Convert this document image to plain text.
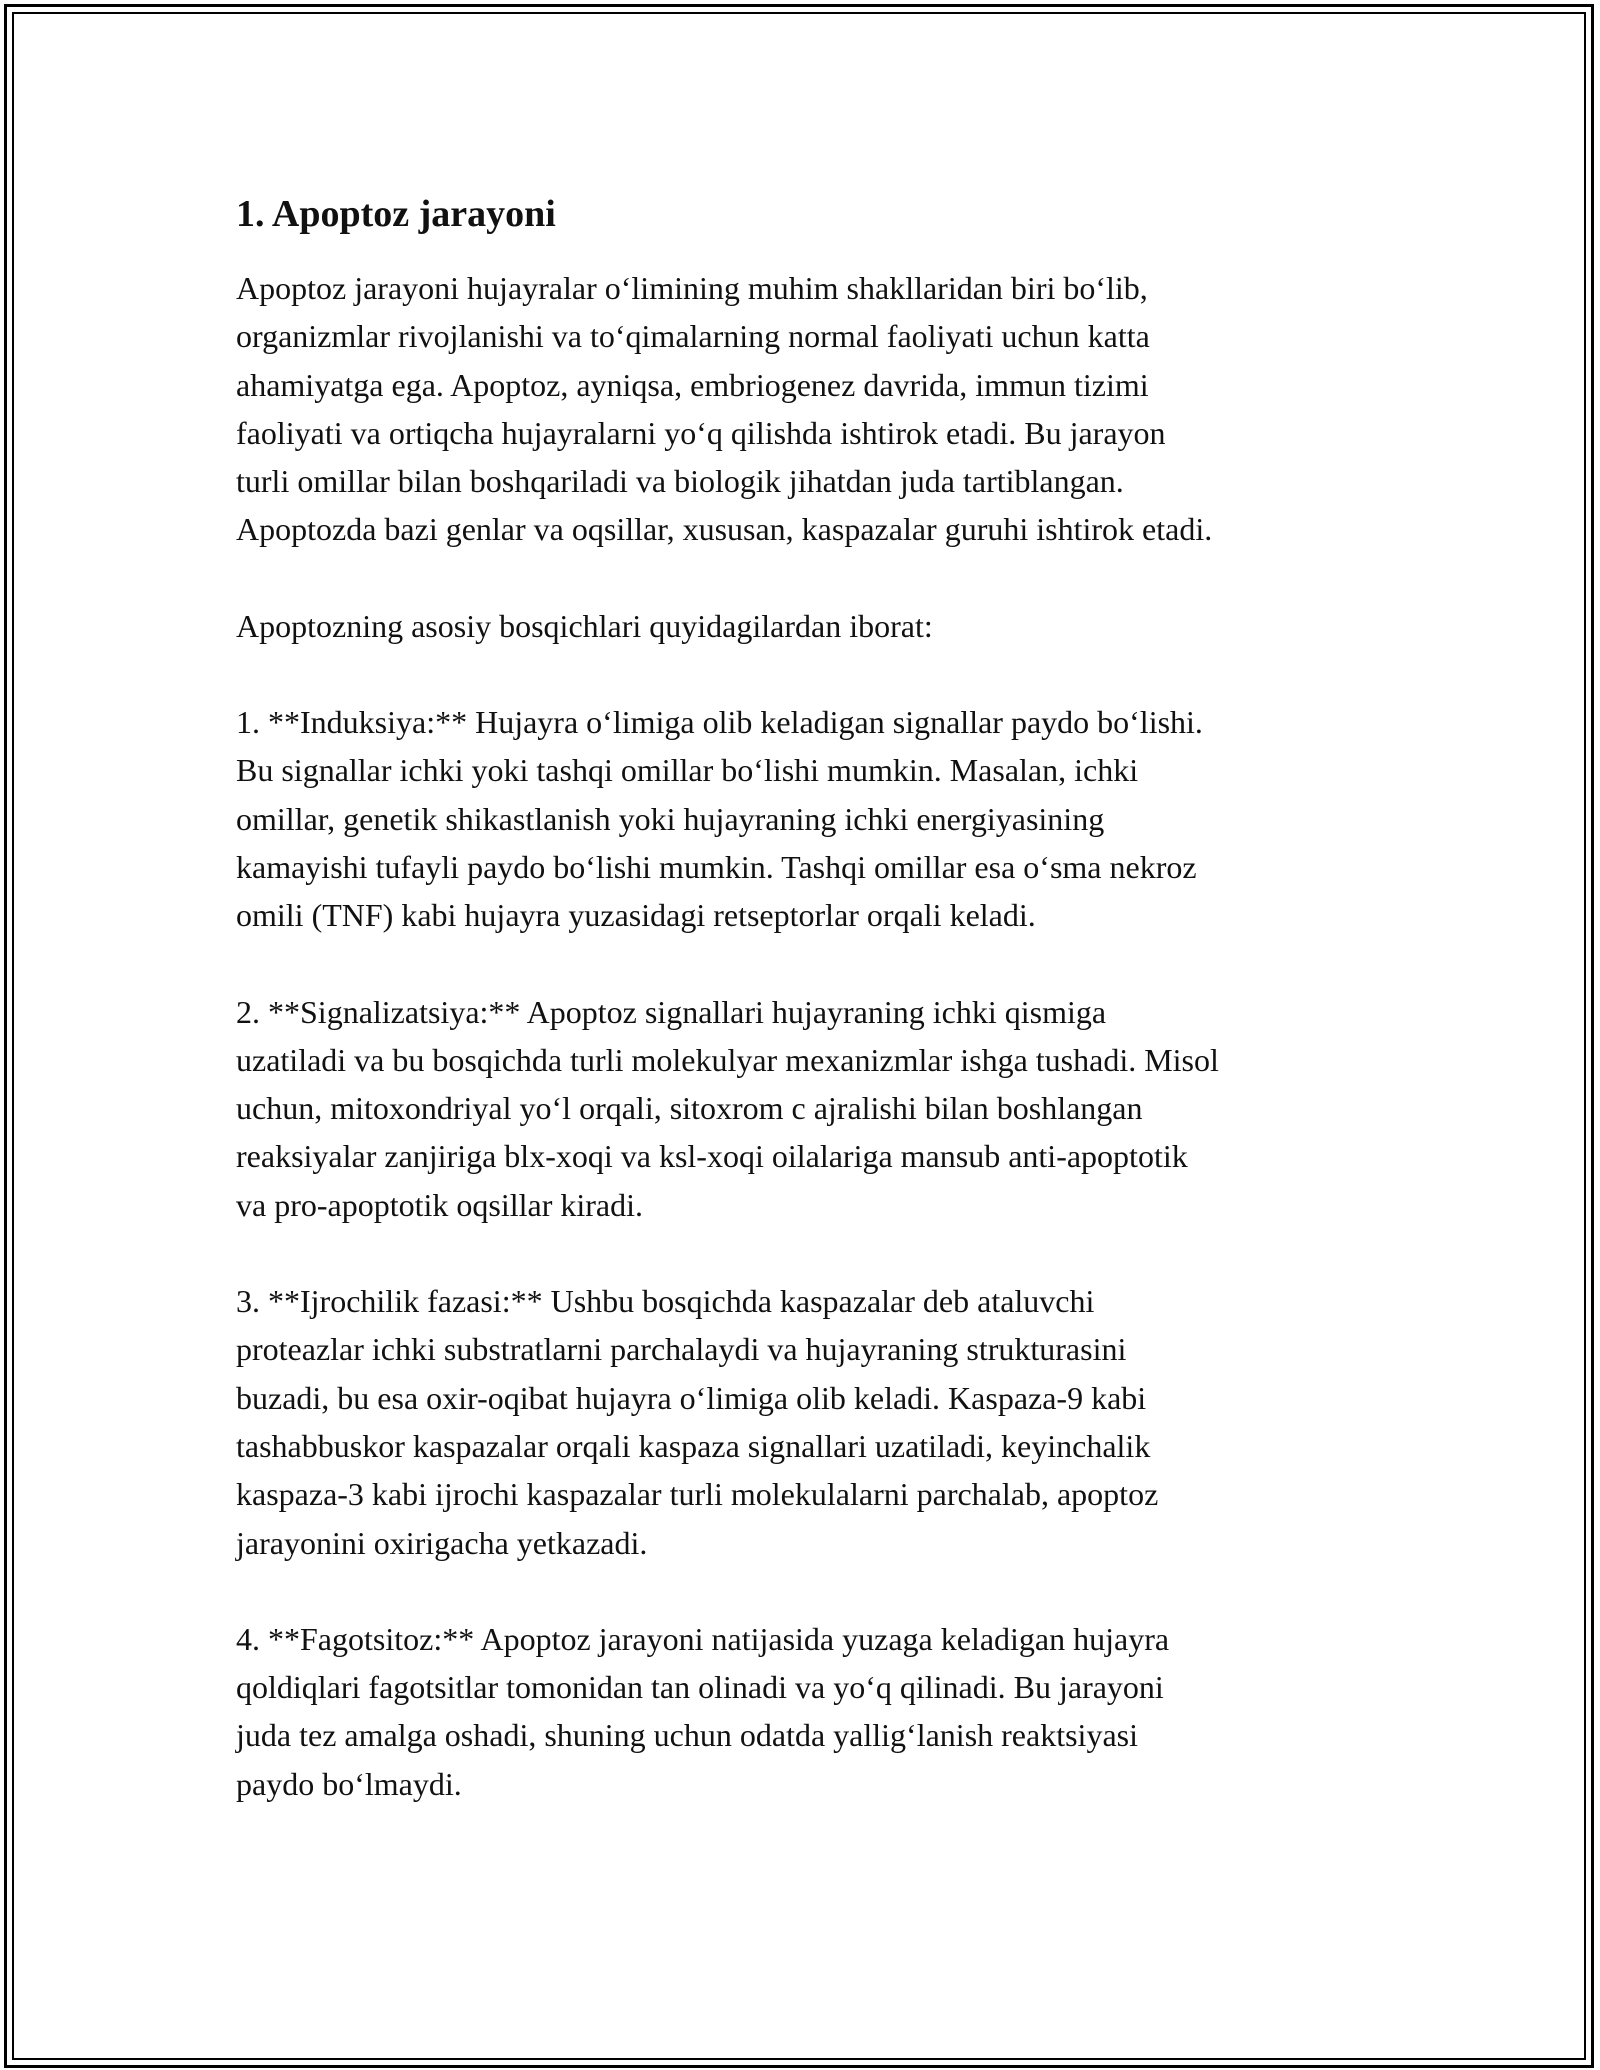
1. Apoptoz jarayoni

Apoptoz jarayoni hujayralar o‘limining muhim shakllaridan biri bo‘lib,
organizmlar rivojlanishi va to‘qimalarning normal faoliyati uchun katta
ahamiyatga ega. Apoptoz, ayniqsa, embriogenez davrida, immun tizimi
faoliyati va ortiqcha hujayralarni yo‘q qilishda ishtirok etadi. Bu jarayon
turli omillar bilan boshqariladi va biologik jihatdan juda tartiblangan.
Apoptozda bazi genlar va oqsillar, xususan, kaspazalar guruhi ishtirok etadi.

Apoptozning asosiy bosqichlari quyidagilardan iborat:

1. **Induksiya:** Hujayra o‘limiga olib keladigan signallar paydo bo‘lishi.
Bu signallar ichki yoki tashqi omillar bo‘lishi mumkin. Masalan, ichki
omillar, genetik shikastlanish yoki hujayraning ichki energiyasining
kamayishi tufayli paydo bo‘lishi mumkin. Tashqi omillar esa o‘sma nekroz
omili (TNF) kabi hujayra yuzasidagi retseptorlar orqali keladi.

2. **Signalizatsiya:** Apoptoz signallari hujayraning ichki qismiga
uzatiladi va bu bosqichda turli molekulyar mexanizmlar ishga tushadi. Misol
uchun, mitoxondriyal yo‘l orqali, sitoxrom c ajralishi bilan boshlangan
reaksiyalar zanjiriga blx-xoqi va ksl-xoqi oilalariga mansub anti-apoptotik
va pro-apoptotik oqsillar kiradi.

3. **Ijrochilik fazasi:** Ushbu bosqichda kaspazalar deb ataluvchi
proteazlar ichki substratlarni parchalaydi va hujayraning strukturasini
buzadi, bu esa oxir-oqibat hujayra o‘limiga olib keladi. Kaspaza-9 kabi
tashabbuskor kaspazalar orqali kaspaza signallari uzatiladi, keyinchalik
kaspaza-3 kabi ijrochi kaspazalar turli molekulalarni parchalab, apoptoz
jarayonini oxirigacha yetkazadi.

4. **Fagotsitoz:** Apoptoz jarayoni natijasida yuzaga keladigan hujayra
qoldiqlari fagotsitlar tomonidan tan olinadi va yo‘q qilinadi. Bu jarayoni
juda tez amalga oshadi, shuning uchun odatda yallig‘lanish reaktsiyasi
paydo bo‘lmaydi.
